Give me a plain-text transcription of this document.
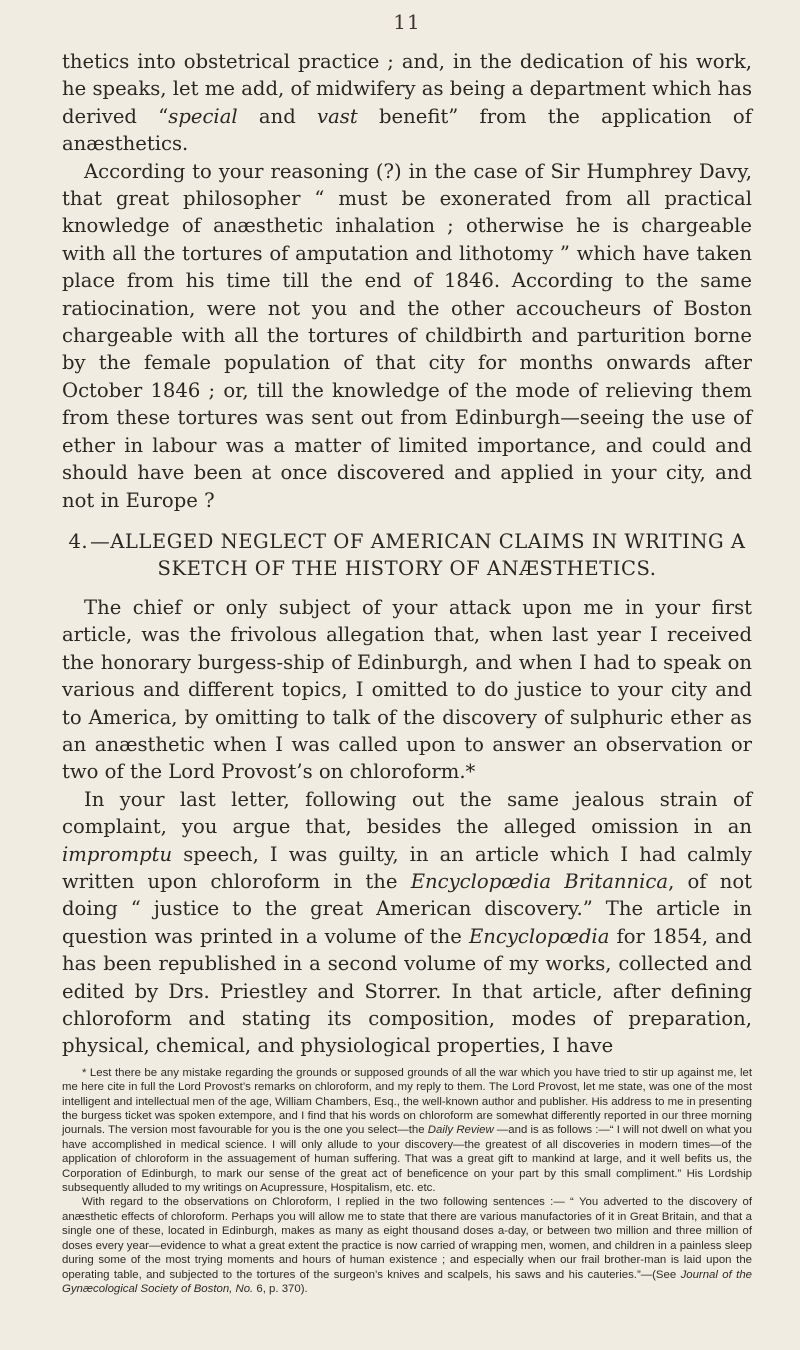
11

thetics into obstetrical practice ; and, in the dedication of his work, he speaks, let me add, of midwifery as being a department which has derived “special and vast benefit” from the application of anæsthetics.

According to your reasoning (?) in the case of Sir Humphrey Davy, that great philosopher “ must be exonerated from all practical knowledge of anæsthetic inhalation ; otherwise he is chargeable with all the tortures of amputation and lithotomy ” which have taken place from his time till the end of 1846. According to the same ratiocination, were not you and the other accoucheurs of Boston chargeable with all the tortures of childbirth and parturition borne by the female population of that city for months onwards after October 1846 ; or, till the knowledge of the mode of relieving them from these tortures was sent out from Edinburgh—seeing the use of ether in labour was a matter of limited importance, and could and should have been at once discovered and applied in your city, and not in Europe ?

4. —ALLEGED NEGLECT OF AMERICAN CLAIMS IN WRITING A SKETCH OF THE HISTORY OF ANÆSTHETICS.

The chief or only subject of your attack upon me in your first article, was the frivolous allegation that, when last year I received the honorary burgess-ship of Edinburgh, and when I had to speak on various and different topics, I omitted to do justice to your city and to America, by omitting to talk of the discovery of sulphuric ether as an anæsthetic when I was called upon to answer an observation or two of the Lord Provost’s on chloroform.*

In your last letter, following out the same jealous strain of complaint, you argue that, besides the alleged omission in an impromptu speech, I was guilty, in an article which I had calmly written upon chloroform in the Encyclopœdia Britannica, of not doing “ justice to the great American discovery.” The article in question was printed in a volume of the Encyclopœdia for 1854, and has been republished in a second volume of my works, collected and edited by Drs. Priestley and Storrer. In that article, after defining chloroform and stating its composition, modes of preparation, physical, chemical, and physiological properties, I have

* Lest there be any mistake regarding the grounds or supposed grounds of all the war which you have tried to stir up against me, let me here cite in full the Lord Provost’s remarks on chloroform, and my reply to them. The Lord Provost, let me state, was one of the most intelligent and intellectual men of the age, William Chambers, Esq., the well-known author and publisher. His address to me in presenting the burgess ticket was spoken extempore, and I find that his words on chloroform are somewhat differently reported in our three morning journals. The version most favourable for you is the one you select—the Daily Review —and is as follows :—“ I will not dwell on what you have accomplished in medical science. I will only allude to your discovery—the greatest of all discoveries in modern times—of the application of chloroform in the assuagement of human suffering. That was a great gift to mankind at large, and it well befits us, the Corporation of Edinburgh, to mark our sense of the great act of beneficence on your part by this small compliment.” His Lordship subsequently alluded to my writings on Acupressure, Hospitalism, etc. etc.

With regard to the observations on Chloroform, I replied in the two following sentences :— “ You adverted to the discovery of anæsthetic effects of chloroform. Perhaps you will allow me to state that there are various manufactories of it in Great Britain, and that a single one of these, located in Edinburgh, makes as many as eight thousand doses a-day, or between two million and three million of doses every year—evidence to what a great extent the practice is now carried of wrapping men, women, and children in a painless sleep during some of the most trying moments and hours of human existence ; and especially when our frail brother-man is laid upon the operating table, and subjected to the tortures of the surgeon’s knives and scalpels, his saws and his cauteries.”—(See Journal of the Gynæcological Society of Boston, No. 6, p. 370).
